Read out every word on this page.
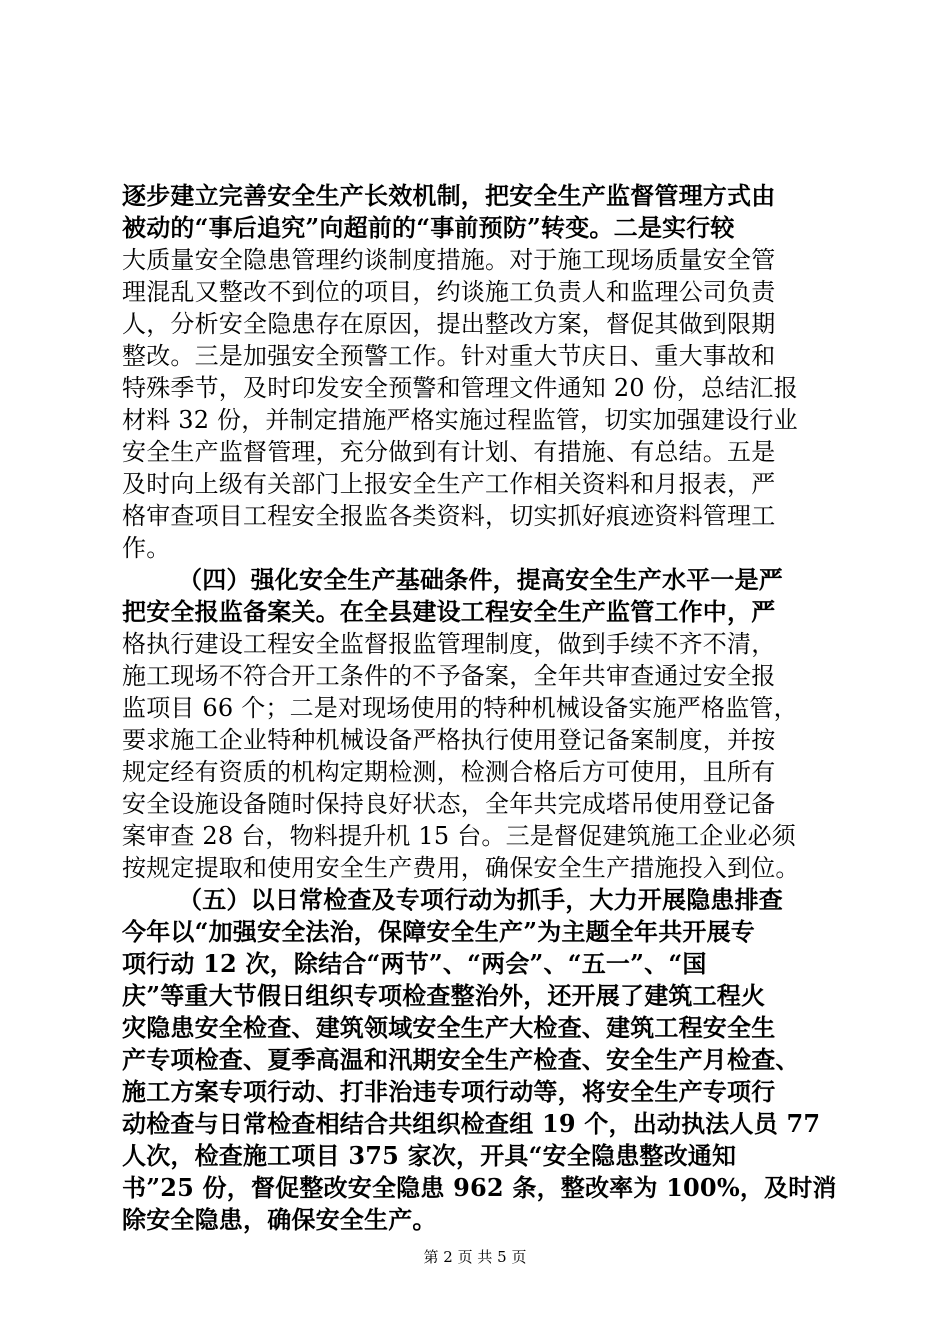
逐步建立完善安全生产长效机制，把安全生产监督管理方式由
被动的“事后追究”向超前的“事前预防”转变。二是实行较
大质量安全隐患管理约谈制度措施。对于施工现场质量安全管
理混乱又整改不到位的项目，约谈施工负责人和监理公司负责
人，分析安全隐患存在原因，提出整改方案，督促其做到限期
整改。三是加强安全预警工作。针对重大节庆日、重大事故和
特殊季节，及时印发安全预警和管理文件通知 20 份，总结汇报
材料 32 份，并制定措施严格实施过程监管，切实加强建设行业
安全生产监督管理，充分做到有计划、有措施、有总结。五是
及时向上级有关部门上报安全生产工作相关资料和月报表，严
格审查项目工程安全报监各类资料，切实抓好痕迹资料管理工
作。
（四）强化安全生产基础条件，提高安全生产水平一是严
把安全报监备案关。在全县建设工程安全生产监管工作中，严
格执行建设工程安全监督报监管理制度，做到手续不齐不清，
施工现场不符合开工条件的不予备案，全年共审查通过安全报
监项目 66 个；二是对现场使用的特种机械设备实施严格监管，
要求施工企业特种机械设备严格执行使用登记备案制度，并按
规定经有资质的机构定期检测，检测合格后方可使用，且所有
安全设施设备随时保持良好状态，全年共完成塔吊使用登记备
案审查 28 台，物料提升机 15 台。三是督促建筑施工企业必须
按规定提取和使用安全生产费用，确保安全生产措施投入到位。
（五）以日常检查及专项行动为抓手，大力开展隐患排查
今年以“加强安全法治，保障安全生产”为主题全年共开展专
项行动 12 次，除结合“两节”、“两会”、“五一”、“国
庆”等重大节假日组织专项检查整治外，还开展了建筑工程火
灾隐患安全检查、建筑领域安全生产大检查、建筑工程安全生
产专项检查、夏季高温和汛期安全生产检查、安全生产月检查、
施工方案专项行动、打非治违专项行动等，将安全生产专项行
动检查与日常检查相结合共组织检查组 19 个，出动执法人员 77
人次，检查施工项目 375 家次，开具“安全隐患整改通知
书”25 份，督促整改安全隐患 962 条，整改率为 100%，及时消
除安全隐患，确保安全生产。
第 2 页 共 5 页
